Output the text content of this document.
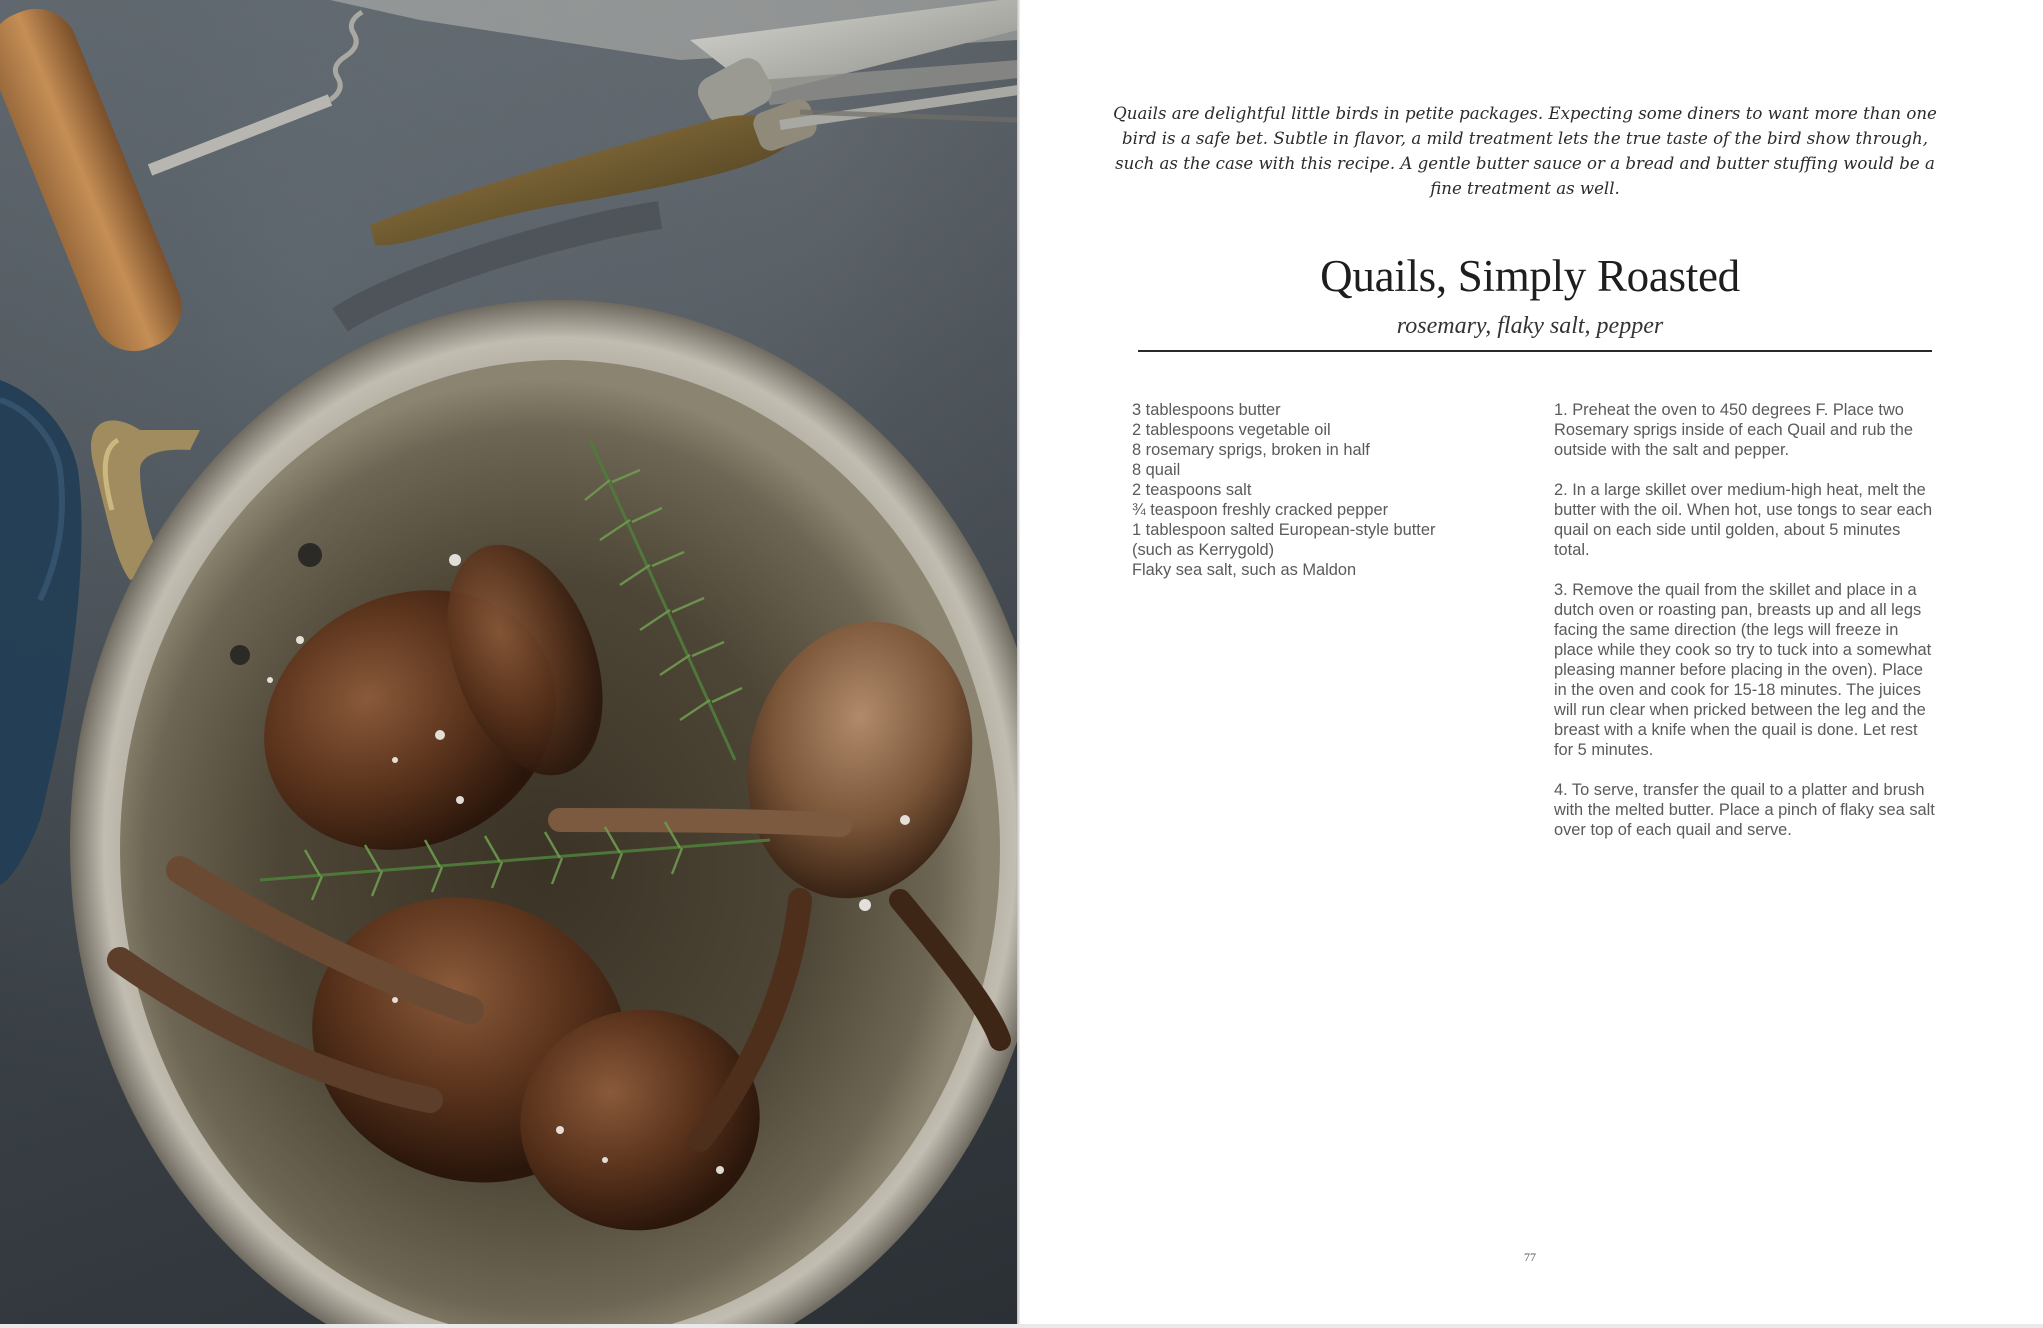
Quails are delightful little birds in petite packages. Expecting some diners to want more than one bird is a safe bet. Subtle in flavor, a mild treatment lets the true taste of the bird show through, such as the case with this recipe. A gentle butter sauce or a bread and butter stuffing would be a fine treatment as well.

Quails, Simply Roasted
rosemary, flaky salt, pepper
3 tablespoons butter
2 tablespoons vegetable oil
8 rosemary sprigs, broken in half
8 quail
2 teaspoons salt
¾ teaspoon freshly cracked pepper
1 tablespoon salted European-style butter
(such as Kerrygold)
Flaky sea salt, such as Maldon

1. Preheat the oven to 450 degrees F. Place two Rosemary sprigs inside of each Quail and rub the outside with the salt and pepper.

2. In a large skillet over medium-high heat, melt the butter with the oil. When hot, use tongs to sear each quail on each side until golden, about 5 minutes total.

3. Remove the quail from the skillet and place in a dutch oven or roasting pan, breasts up and all legs facing the same direction (the legs will freeze in place while they cook so try to tuck into a somewhat pleasing manner before placing in the oven). Place in the oven and cook for 15-18 minutes. The juices will run clear when pricked between the leg and the breast with a knife when the quail is done. Let rest for 5 minutes.

4. To serve, transfer the quail to a platter and brush with the melted butter. Place a pinch of flaky sea salt over top of each quail and serve.

77
